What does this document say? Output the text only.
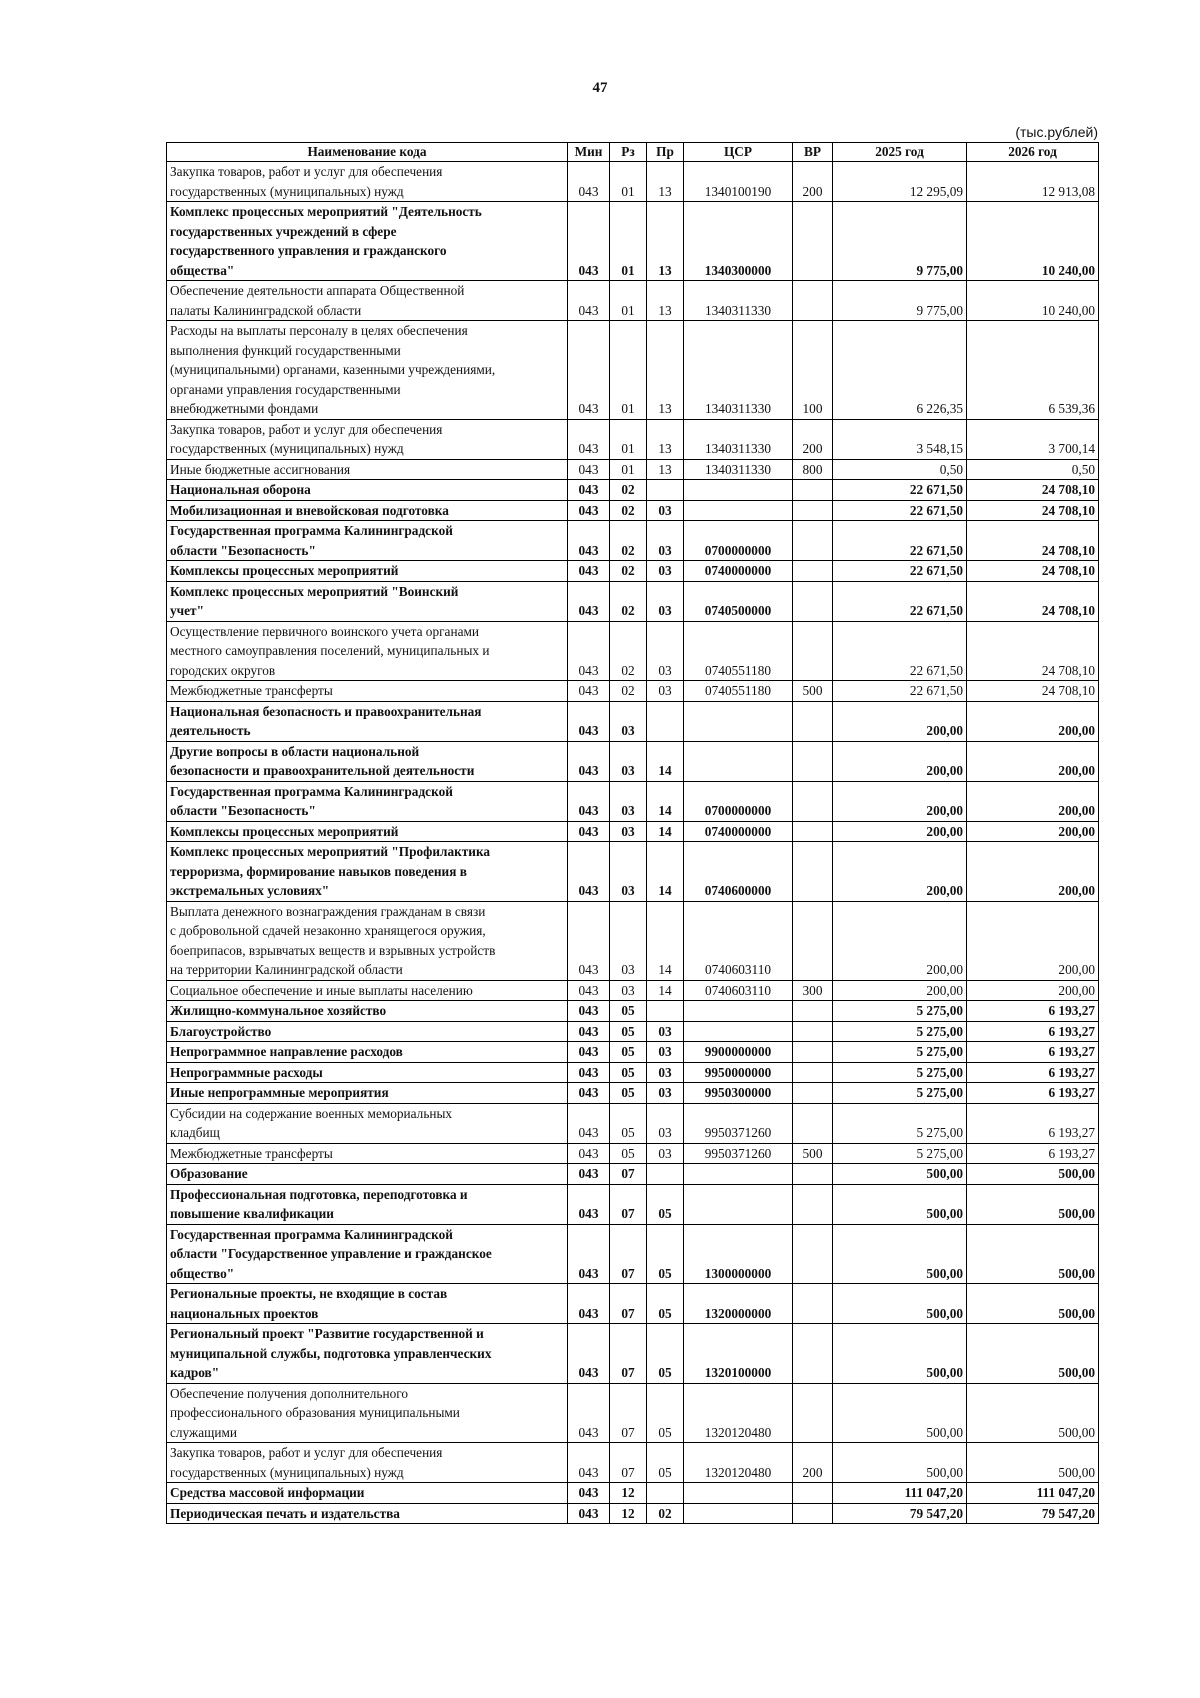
47
(тыс.рублей)
Наименование кода	Мин	Рз	Пр	ЦСР	ВР	2025 год	2026 год

Закупка товаров, работ и услуг для обеспечения
государственных (муниципальных) нужд	043	01	13	1340100190	200	12 295,09	12 913,08

Комплекс процессных мероприятий "Деятельность
государственных учреждений в сфере
государственного управления и гражданского
общества"	043	01	13	1340300000		9 775,00	10 240,00

Обеспечение деятельности аппарата Общественной
палаты Калининградской области	043	01	13	1340311330		9 775,00	10 240,00

Расходы на выплаты персоналу в целях обеспечения
выполнения функций государственными
(муниципальными) органами, казенными учреждениями,
органами управления государственными
внебюджетными фондами	043	01	13	1340311330	100	6 226,35	6 539,36

Закупка товаров, работ и услуг для обеспечения
государственных (муниципальных) нужд	043	01	13	1340311330	200	3 548,15	3 700,14

Иные бюджетные ассигнования	043	01	13	1340311330	800	0,50	0,50

Национальная оборона	043	02				22 671,50	24 708,10

Мобилизационная и вневойсковая подготовка	043	02	03			22 671,50	24 708,10

Государственная программа Калининградской
области "Безопасность"	043	02	03	0700000000		22 671,50	24 708,10

Комплексы процессных мероприятий	043	02	03	0740000000		22 671,50	24 708,10

Комплекс процессных мероприятий "Воинский
учет"	043	02	03	0740500000		22 671,50	24 708,10

Осуществление первичного воинского учета органами
местного самоуправления поселений, муниципальных и
городских округов	043	02	03	0740551180		22 671,50	24 708,10

Межбюджетные трансферты	043	02	03	0740551180	500	22 671,50	24 708,10

Национальная безопасность и правоохранительная
деятельность	043	03				200,00	200,00

Другие вопросы в области национальной
безопасности и правоохранительной деятельности	043	03	14			200,00	200,00

Государственная программа Калининградской
области "Безопасность"	043	03	14	0700000000		200,00	200,00

Комплексы процессных мероприятий	043	03	14	0740000000		200,00	200,00

Комплекс процессных мероприятий "Профилактика
терроризма, формирование навыков поведения в
экстремальных условиях"	043	03	14	0740600000		200,00	200,00

Выплата денежного вознаграждения гражданам в связи
с добровольной сдачей незаконно хранящегося оружия,
боеприпасов, взрывчатых веществ и взрывных устройств
на территории Калининградской области	043	03	14	0740603110		200,00	200,00

Социальное обеспечение и иные выплаты населению	043	03	14	0740603110	300	200,00	200,00

Жилищно-коммунальное хозяйство	043	05				5 275,00	6 193,27

Благоустройство	043	05	03			5 275,00	6 193,27

Непрограммное направление расходов	043	05	03	9900000000		5 275,00	6 193,27

Непрограммные расходы	043	05	03	9950000000		5 275,00	6 193,27

Иные непрограммные мероприятия	043	05	03	9950300000		5 275,00	6 193,27

Субсидии на содержание военных мемориальных
кладбищ	043	05	03	9950371260		5 275,00	6 193,27

Межбюджетные трансферты	043	05	03	9950371260	500	5 275,00	6 193,27

Образование	043	07				500,00	500,00

Профессиональная подготовка, переподготовка и
повышение квалификации	043	07	05			500,00	500,00

Государственная программа Калининградской
области "Государственное управление и гражданское
общество"	043	07	05	1300000000		500,00	500,00

Региональные проекты, не входящие в состав
национальных проектов	043	07	05	1320000000		500,00	500,00

Региональный проект "Развитие государственной и
муниципальной службы, подготовка управленческих
кадров"	043	07	05	1320100000		500,00	500,00

Обеспечение получения дополнительного
профессионального образования муниципальными
служащими	043	07	05	1320120480		500,00	500,00

Закупка товаров, работ и услуг для обеспечения
государственных (муниципальных) нужд	043	07	05	1320120480	200	500,00	500,00

Средства массовой информации	043	12				111 047,20	111 047,20

Периодическая печать и издательства	043	12	02			79 547,20	79 547,20
